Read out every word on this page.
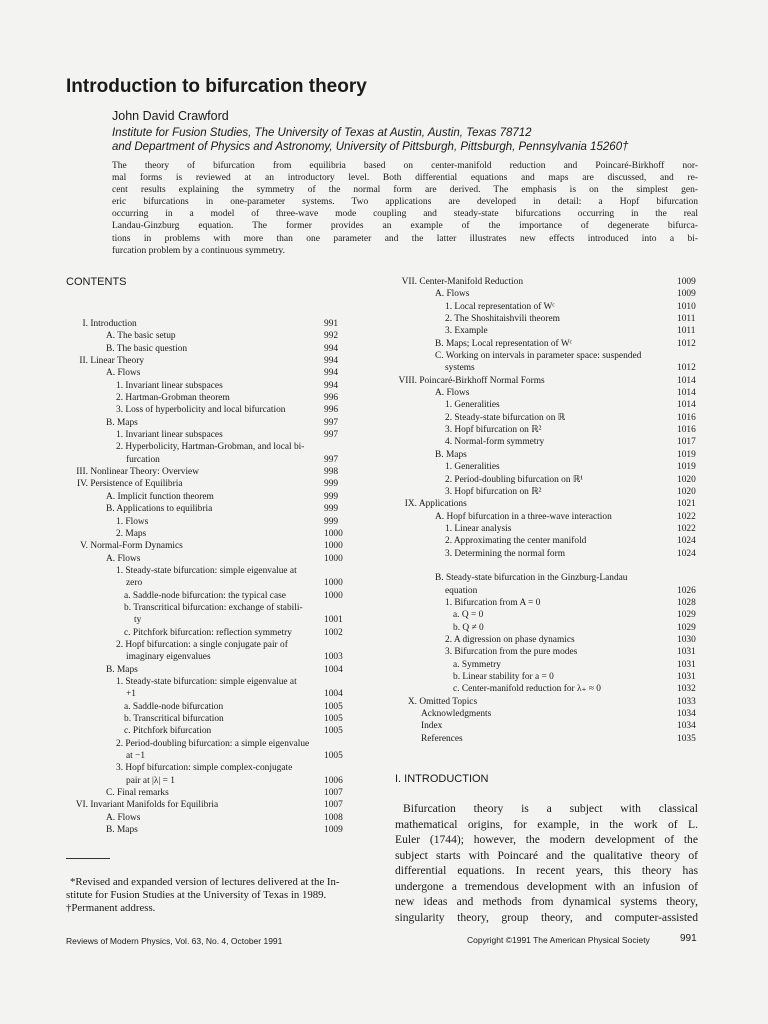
Introduction to bifurcation theory
John David Crawford
Institute for Fusion Studies, The University of Texas at Austin, Austin, Texas 78712
and Department of Physics and Astronomy, University of Pittsburgh, Pittsburgh, Pennsylvania 15260†
The theory of bifurcation from equilibria based on center-manifold reduction and Poincaré-Birkhoff nor-
mal forms is reviewed at an introductory level. Both differential equations and maps are discussed, and re-
cent results explaining the symmetry of the normal form are derived. The emphasis is on the simplest gen-
eric bifurcations in one-parameter systems. Two applications are developed in detail: a Hopf bifurcation
occurring in a model of three-wave mode coupling and steady-state bifurcations occurring in the real
Landau-Ginzburg equation. The former provides an example of the importance of degenerate bifurca-
tions in problems with more than one parameter and the latter illustrates new effects introduced into a bi-
furcation problem by a continuous symmetry.
CONTENTS
I. Introduction	991
A. The basic setup	992
B. The basic question	994
II. Linear Theory	994
A. Flows	994
1. Invariant linear subspaces	994
2. Hartman-Grobman theorem	996
3. Loss of hyperbolicity and local bifurcation	996
B. Maps	997
1. Invariant linear subspaces	997
2. Hyperbolicity, Hartman-Grobman, and local bi-
furcation	997
III. Nonlinear Theory: Overview	998
IV. Persistence of Equilibria	999
A. Implicit function theorem	999
B. Applications to equilibria	999
1. Flows	999
2. Maps	1000
V. Normal-Form Dynamics	1000
A. Flows	1000
1. Steady-state bifurcation: simple eigenvalue at
zero	1000
a. Saddle-node bifurcation: the typical case	1000
b. Transcritical bifurcation: exchange of stabili-
ty	1001
c. Pitchfork bifurcation: reflection symmetry	1002
2. Hopf bifurcation: a single conjugate pair of
imaginary eigenvalues	1003
B. Maps	1004
1. Steady-state bifurcation: simple eigenvalue at
+1	1004
a. Saddle-node bifurcation	1005
b. Transcritical bifurcation	1005
c. Pitchfork bifurcation	1005
2. Period-doubling bifurcation: a simple eigenvalue
at −1	1005
3. Hopf bifurcation: simple complex-conjugate
pair at |λ| = 1	1006
C. Final remarks	1007
VI. Invariant Manifolds for Equilibria	1007
A. Flows	1008
B. Maps	1009
VII. Center-Manifold Reduction	1009
A. Flows	1009
1. Local representation of Wᶜ	1010
2. The Shoshitaishvili theorem	1011
3. Example	1011
B. Maps; Local representation of Wᶜ	1012
C. Working on intervals in parameter space: suspended
systems	1012
VIII. Poincaré-Birkhoff Normal Forms	1014
A. Flows	1014
1. Generalities	1014
2. Steady-state bifurcation on ℝ	1016
3. Hopf bifurcation on ℝ²	1016
4. Normal-form symmetry	1017
B. Maps	1019
1. Generalities	1019
2. Period-doubling bifurcation on ℝ¹	1020
3. Hopf bifurcation on ℝ²	1020
IX. Applications	1021
A. Hopf bifurcation in a three-wave interaction	1022
1. Linear analysis	1022
2. Approximating the center manifold	1024
3. Determining the normal form	1024
B. Steady-state bifurcation in the Ginzburg-Landau
equation	1026
1. Bifurcation from A = 0	1028
a. Q = 0	1029
b. Q ≠ 0	1029
2. A digression on phase dynamics	1030
3. Bifurcation from the pure modes	1031
a. Symmetry	1031
b. Linear stability for a = 0	1031
c. Center-manifold reduction for λ₊ ≈ 0	1032
X. Omitted Topics	1033
Acknowledgments	1034
Index	1034
References	1035
*Revised and expanded version of lectures delivered at the In-
stitute for Fusion Studies at the University of Texas in 1989.
†Permanent address.
I. INTRODUCTION
Bifurcation theory is a subject with classical
mathematical origins, for example, in the work of L.
Euler (1744); however, the modern development of the
subject starts with Poincaré and the qualitative theory of
differential equations. In recent years, this theory has
undergone a tremendous development with an infusion of
new ideas and methods from dynamical systems theory,
singularity theory, group theory, and computer-assisted
Reviews of Modern Physics, Vol. 63, No. 4, October 1991	Copyright ©1991 The American Physical Society	991
